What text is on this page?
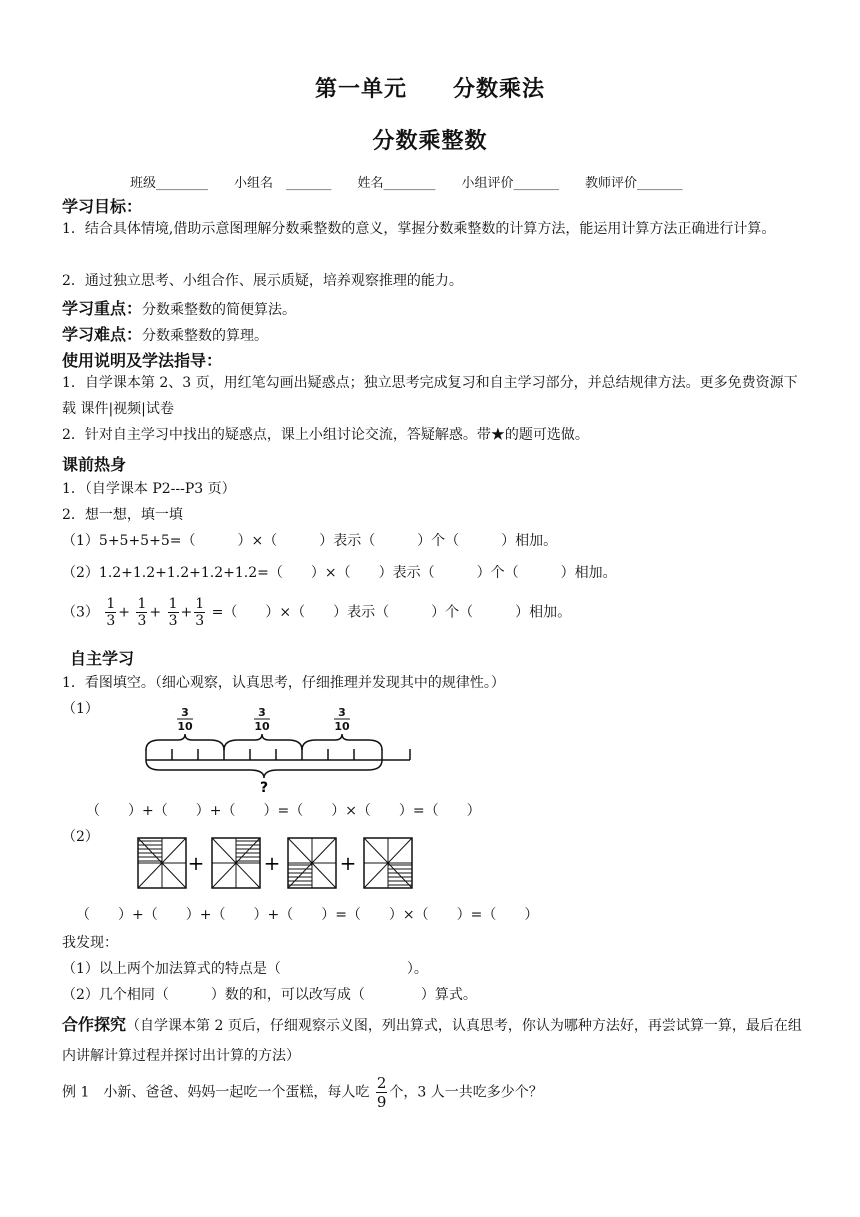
第一单元　　分数乘法
分数乘整数
班级________　　小组名　_______　　姓名________　　小组评价_______　　教师评价_______
学习目标：
1．结合具体情境,借助示意图理解分数乘整数的意义，掌握分数乘整数的计算方法，能运用计算方法正确进行计算。
2．通过独立思考、小组合作、展示质疑，培养观察推理的能力。
学习重点：分数乘整数的简便算法。
学习难点：分数乘整数的算理。
使用说明及学法指导：
1．自学课本第 2、3 页，用红笔勾画出疑惑点；独立思考完成复习和自主学习部分，并总结规律方法。更多免费资源下载 课件|视频|试卷
2．针对自主学习中找出的疑惑点，课上小组讨论交流，答疑解惑。带★的题可选做。
课前热身
1．（自学课本 P2---P3 页）
2．想一想，填一填
（1）5+5+5+5=（　　　）×（　　　）表示（　　　）个（　　　）相加。
（2）1.2+1.2+1.2+1.2+1.2=（　　）×（　　）表示（　　　）个（　　　）相加。
$(3) \frac{1}{3} + \frac{1}{3} + \frac{1}{3} + \frac{1}{3}$ =（　　）×（　　）表示（　　　）个（　　　）相加。
自主学习
1．看图填空。（细心观察，认真思考，仔细推理并发现其中的规律性。）
（1）	3
10
3
10
3
10
?
（　　）+（　　）+（　　）=（　　）×（　　）=（　　）
（2）
+	+	+
（　　）+（　　）+（　　）+（　　）=（　　）×（　　）=（　　）
我发现：
（1）以上两个加法算式的特点是（　　　　　　　　　）。
（2）几个相同（　　　）数的和，可以改写成（　　　　）算式。
合作探究（自学课本第 2 页后，仔细观察示义图，列出算式，认真思考，你认为哪种方法好，再尝试算一算，最后在组内讲解计算过程并探讨出计算的方法）
例 1　小新、爸爸、妈妈一起吃一个蛋糕，每人吃 $\frac{2}{9}$ 个，3 人一共吃多少个？
